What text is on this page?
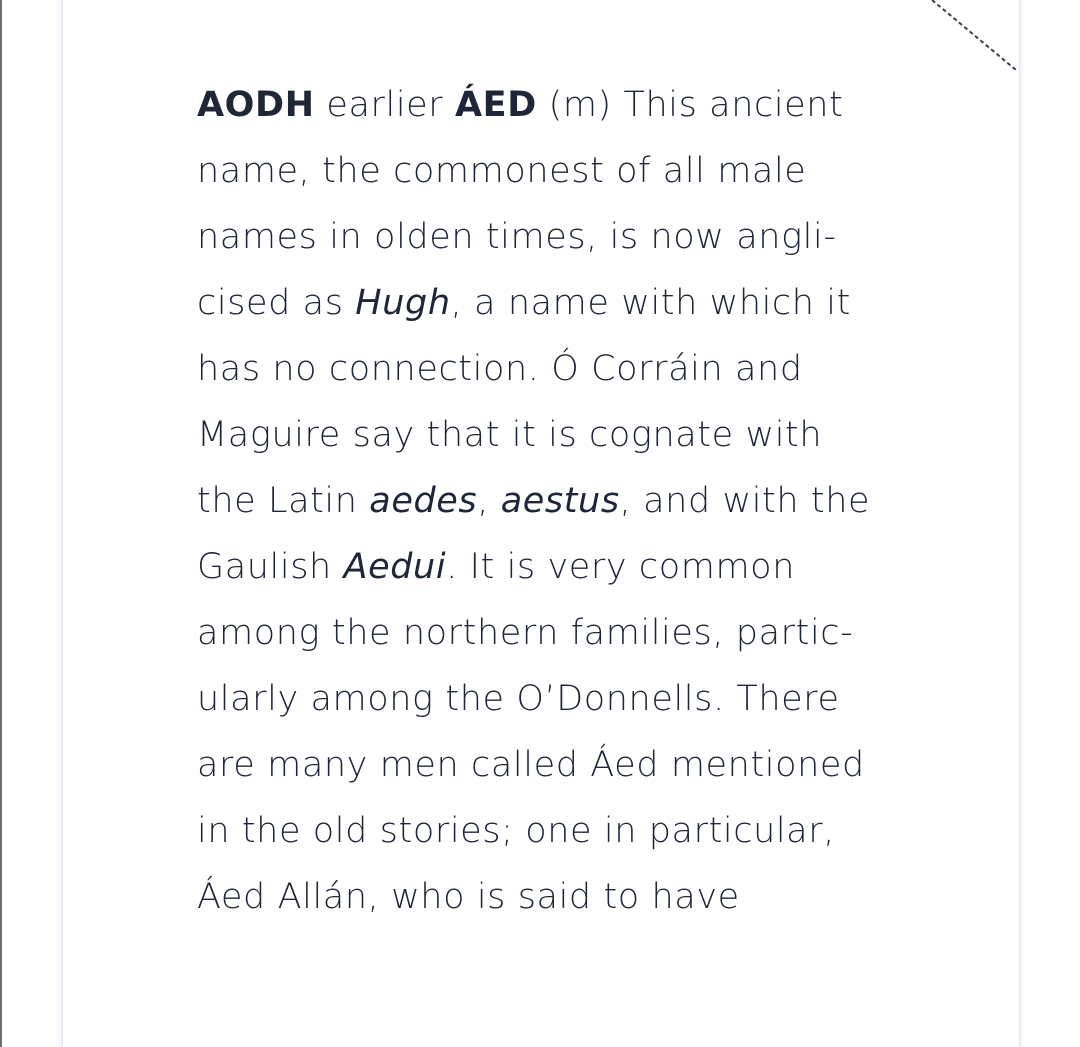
AODH earlier ÁED (m) This ancient
name, the commonest of all male
names in olden times, is now angli-
cised as Hugh, a name with which it
has no connection. Ó Corráin and
Maguire say that it is cognate with
the Latin aedes, aestus, and with the
Gaulish Aedui. It is very common
among the northern families, partic-
ularly among the O’Donnells. There
are many men called Áed mentioned
in the old stories; one in particular,
Áed Allán, who is said to have
